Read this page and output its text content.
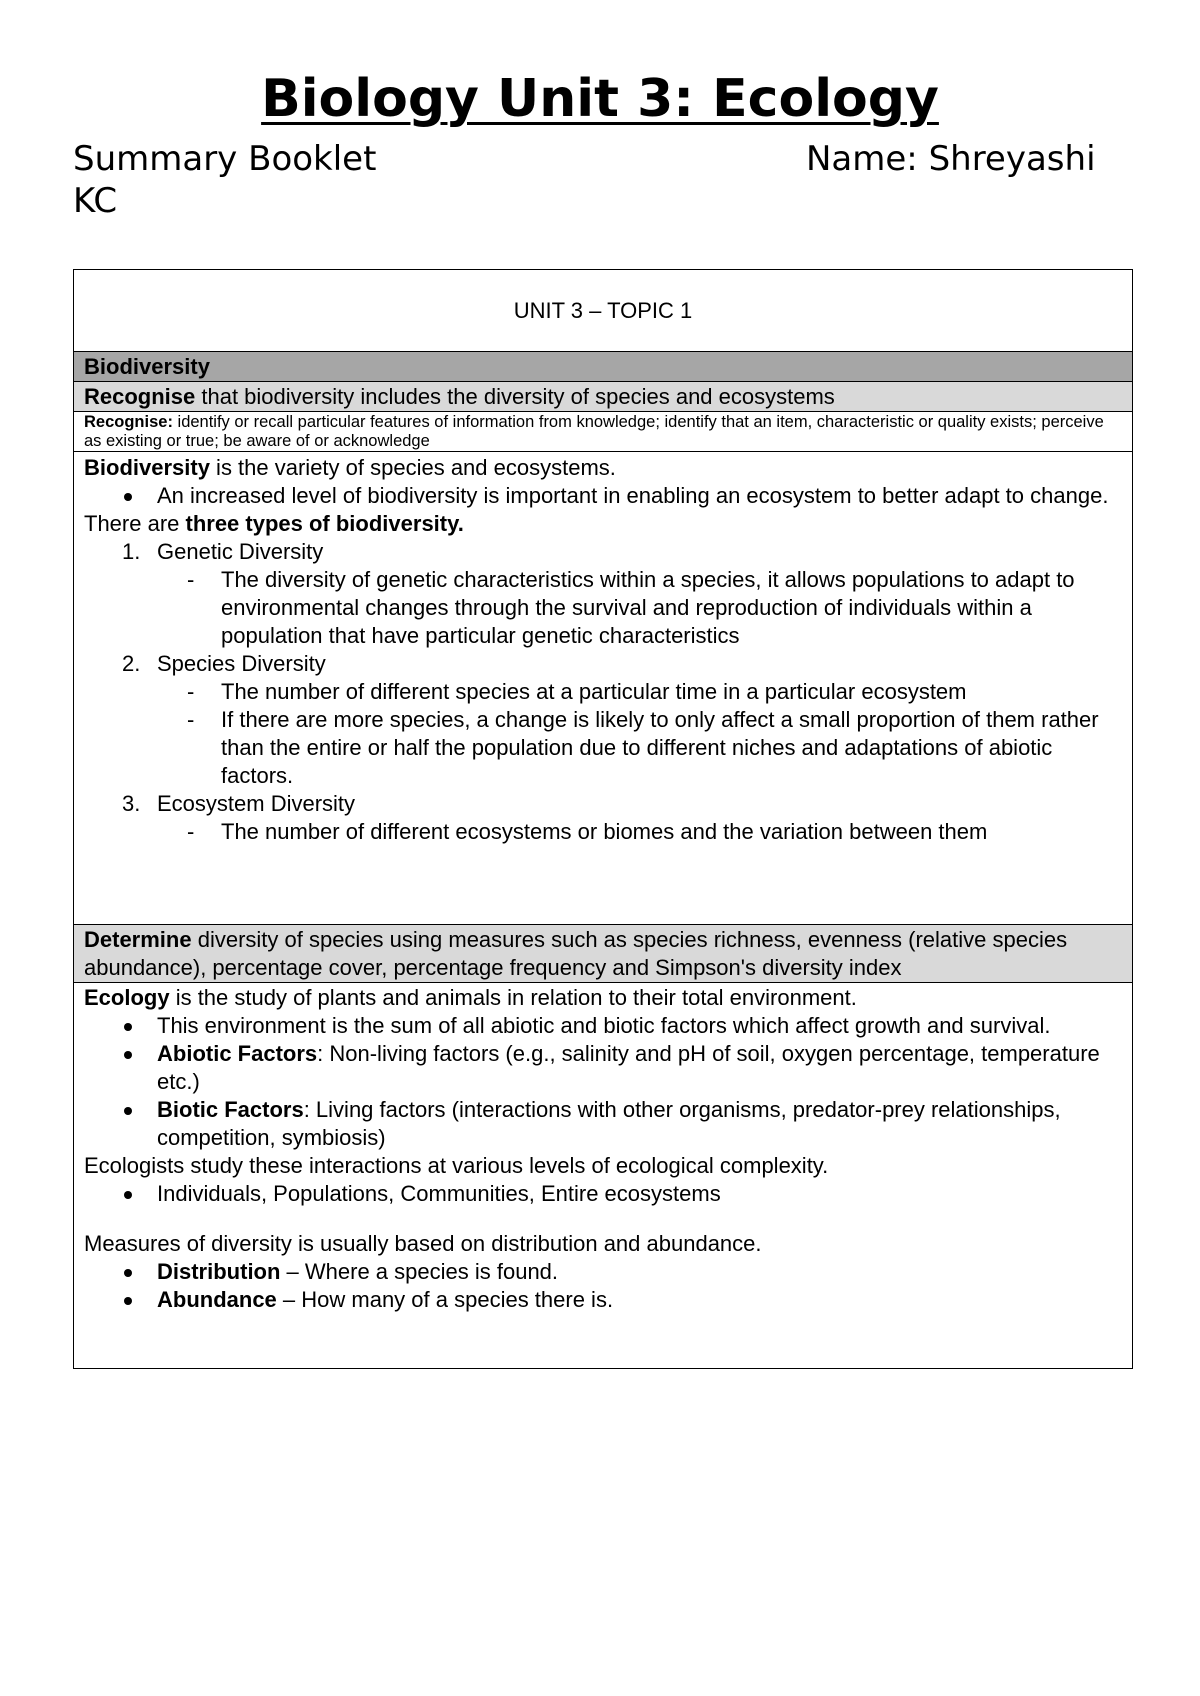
Biology Unit 3: Ecology
Summary Booklet	Name: Shreyashi
KC
UNIT 3 – TOPIC 1
Biodiversity
Recognise that biodiversity includes the diversity of species and ecosystems
Recognise: identify or recall particular features of information from knowledge; identify that an item, characteristic or quality exists; perceive as existing or true; be aware of or acknowledge

Biodiversity is the variety of species and ecosystems.

An increased level of biodiversity is important in enabling an ecosystem to better adapt to change.

There are three types of biodiversity.

1. Genetic Diversity

- The diversity of genetic characteristics within a species, it allows populations to adapt to environmental changes through the survival and reproduction of individuals within a population that have particular genetic characteristics

2. Species Diversity

- The number of different species at a particular time in a particular ecosystem

- If there are more species, a change is likely to only affect a small proportion of them rather than the entire or half the population due to different niches and adaptations of abiotic factors.

3. Ecosystem Diversity

- The number of different ecosystems or biomes and the variation between them

Determine diversity of species using measures such as species richness, evenness (relative species abundance), percentage cover, percentage frequency and Simpson's diversity index

Ecology is the study of plants and animals in relation to their total environment.

This environment is the sum of all abiotic and biotic factors which affect growth and survival.

Abiotic Factors: Non-living factors (e.g., salinity and pH of soil, oxygen percentage, temperature etc.)

Biotic Factors: Living factors (interactions with other organisms, predator-prey relationships, competition, symbiosis)

Ecologists study these interactions at various levels of ecological complexity.

Individuals, Populations, Communities, Entire ecosystems

Measures of diversity is usually based on distribution and abundance.

Distribution – Where a species is found.

Abundance – How many of a species there is.
